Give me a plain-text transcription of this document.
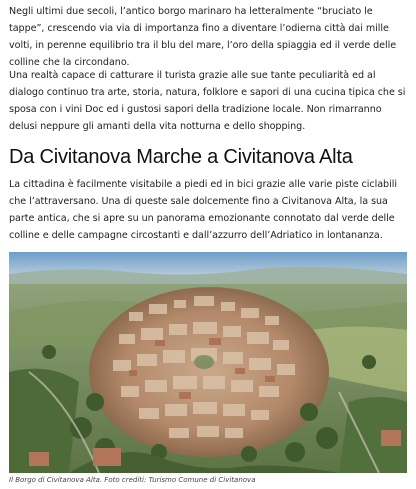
Negli ultimi due secoli, l’antico borgo marinaro ha letteralmente “bruciato le tappe”, crescendo via via di importanza fino a diventare l’odierna città dai mille volti, in perenne equilibrio tra il blu del mare, l’oro della spiaggia ed il verde delle colline che la circondano.

Una realtà capace di catturare il turista grazie alle sue tante peculiarità ed al dialogo continuo tra arte, storia, natura, folklore e sapori di una cucina tipica che si sposa con i vini Doc ed i gustosi sapori della tradizione locale. Non rimarranno delusi neppure gli amanti della vita notturna e dello shopping.

Da Civitanova Marche a Civitanova Alta

La cittadina è facilmente visitabile a piedi ed in bici grazie alle varie piste ciclabili che l’attraversano. Una di queste sale dolcemente fino a Civitanova Alta, la sua parte antica, che si apre su un panorama emozionante connotato dal verde delle colline e delle campagne circostanti e dall’azzurro dell’Adriatico in lontananza.

Il Borgo di Civitanova Alta. Foto crediti: Turismo Comune di Civitanova
